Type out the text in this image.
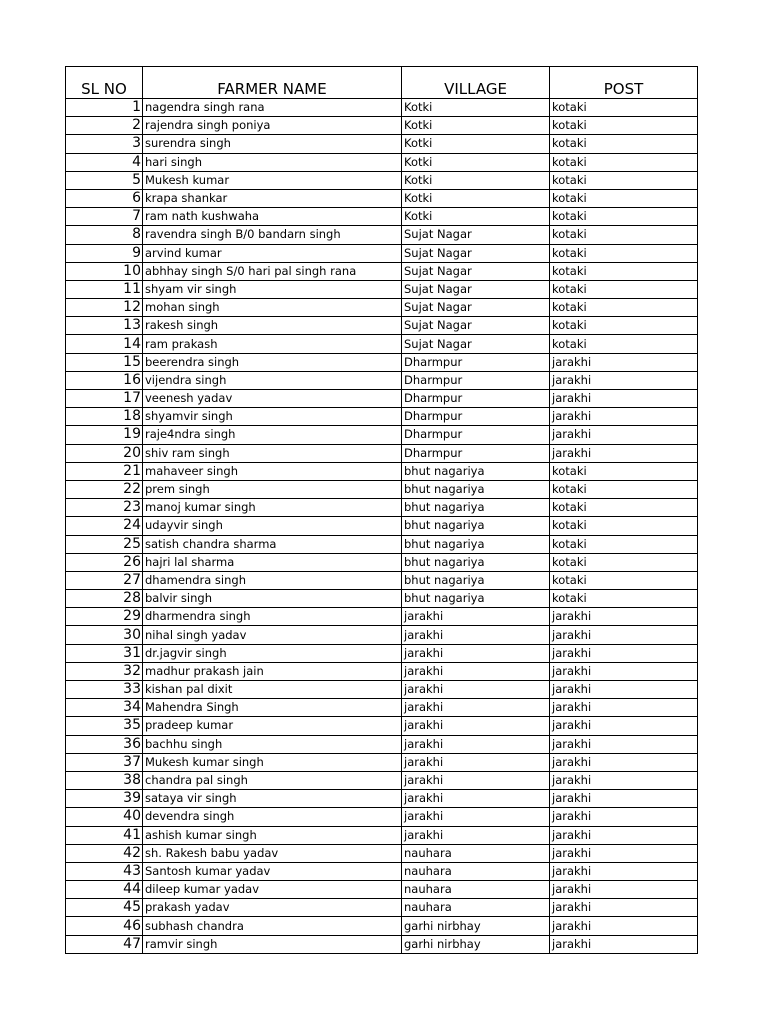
SL NO	FARMER NAME	VILLAGE	POST
1	nagendra singh rana	Kotki	kotaki
2	rajendra singh poniya	Kotki	kotaki
3	surendra singh	Kotki	kotaki
4	hari singh	Kotki	kotaki
5	Mukesh kumar	Kotki	kotaki
6	krapa shankar	Kotki	kotaki
7	ram nath kushwaha	Kotki	kotaki
8	ravendra singh B/0 bandarn singh	Sujat Nagar	kotaki
9	arvind kumar	Sujat Nagar	kotaki
10	abhhay singh S/0 hari pal singh rana	Sujat Nagar	kotaki
11	shyam vir singh	Sujat Nagar	kotaki
12	mohan singh	Sujat Nagar	kotaki
13	rakesh singh	Sujat Nagar	kotaki
14	ram prakash	Sujat Nagar	kotaki
15	beerendra singh	Dharmpur	jarakhi
16	vijendra singh	Dharmpur	jarakhi
17	veenesh yadav	Dharmpur	jarakhi
18	shyamvir singh	Dharmpur	jarakhi
19	raje4ndra singh	Dharmpur	jarakhi
20	shiv ram singh	Dharmpur	jarakhi
21	mahaveer singh	bhut nagariya	kotaki
22	prem singh	bhut nagariya	kotaki
23	manoj kumar singh	bhut nagariya	kotaki
24	udayvir singh	bhut nagariya	kotaki
25	satish chandra sharma	bhut nagariya	kotaki
26	hajri lal sharma	bhut nagariya	kotaki
27	dhamendra singh	bhut nagariya	kotaki
28	balvir singh	bhut nagariya	kotaki
29	dharmendra singh	jarakhi	jarakhi
30	nihal singh yadav	jarakhi	jarakhi
31	dr.jagvir singh	jarakhi	jarakhi
32	madhur prakash jain	jarakhi	jarakhi
33	kishan pal dixit	jarakhi	jarakhi
34	Mahendra Singh	jarakhi	jarakhi
35	pradeep kumar	jarakhi	jarakhi
36	bachhu singh	jarakhi	jarakhi
37	Mukesh kumar singh	jarakhi	jarakhi
38	chandra pal singh	jarakhi	jarakhi
39	sataya vir singh	jarakhi	jarakhi
40	devendra singh	jarakhi	jarakhi
41	ashish kumar singh	jarakhi	jarakhi
42	sh. Rakesh babu yadav	nauhara	jarakhi
43	Santosh kumar yadav	nauhara	jarakhi
44	dileep kumar yadav	nauhara	jarakhi
45	prakash yadav	nauhara	jarakhi
46	subhash chandra	garhi nirbhay	jarakhi
47	ramvir singh	garhi nirbhay	jarakhi
